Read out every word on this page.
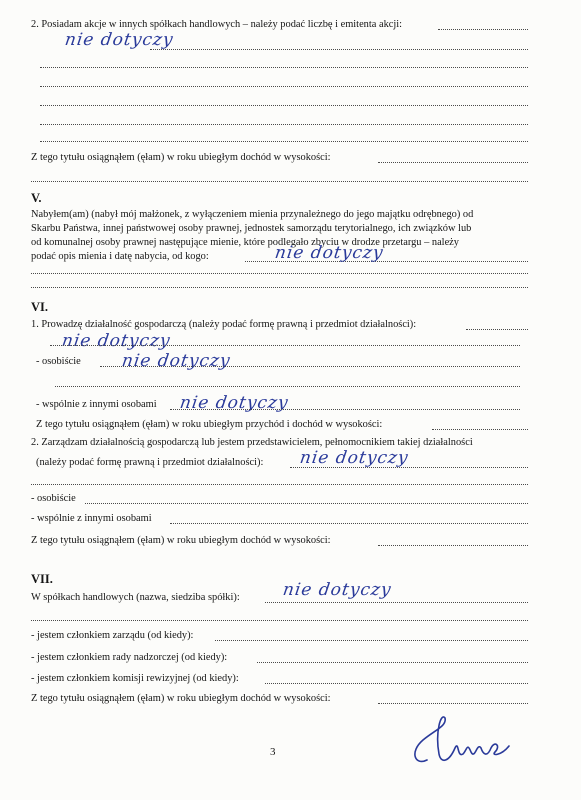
2. Posiadam akcje w innych spółkach handlowych – należy podać liczbę i emitenta akcji:
nie dotyczy
Z tego tytułu osiągnąłem (ęłam) w roku ubiegłym dochód w wysokości:
V.
Nabyłem(am) (nabył mój małżonek, z wyłączeniem mienia przynależnego do jego majątku odrębnego) od
Skarbu Państwa, innej państwowej osoby prawnej, jednostek samorządu terytorialnego, ich związków lub
od komunalnej osoby prawnej następujące mienie, które podlegało zbyciu w drodze przetargu – należy
podać opis mienia i datę nabycia, od kogo:	nie dotyczy
VI.
1. Prowadzę działalność gospodarczą (należy podać formę prawną i przedmiot działalności):
nie dotyczy
- osobiście nie dotyczy
- wspólnie z innymi osobami nie dotyczy
Z tego tytułu osiągnąłem (ęłam) w roku ubiegłym przychód i dochód w wysokości:
2. Zarządzam działalnością gospodarczą lub jestem przedstawicielem, pełnomocnikiem takiej działalności
(należy podać formę prawną i przedmiot działalności): nie dotyczy
- osobiście
- wspólnie z innymi osobami
Z tego tytułu osiągnąłem (ęłam) w roku ubiegłym dochód w wysokości:
VII.
W spółkach handlowych (nazwa, siedziba spółki): nie dotyczy
- jestem członkiem zarządu (od kiedy):
- jestem członkiem rady nadzorczej (od kiedy):
- jestem członkiem komisji rewizyjnej (od kiedy):
Z tego tytułu osiągnąłem (ęłam) w roku ubiegłym dochód w wysokości:
3
